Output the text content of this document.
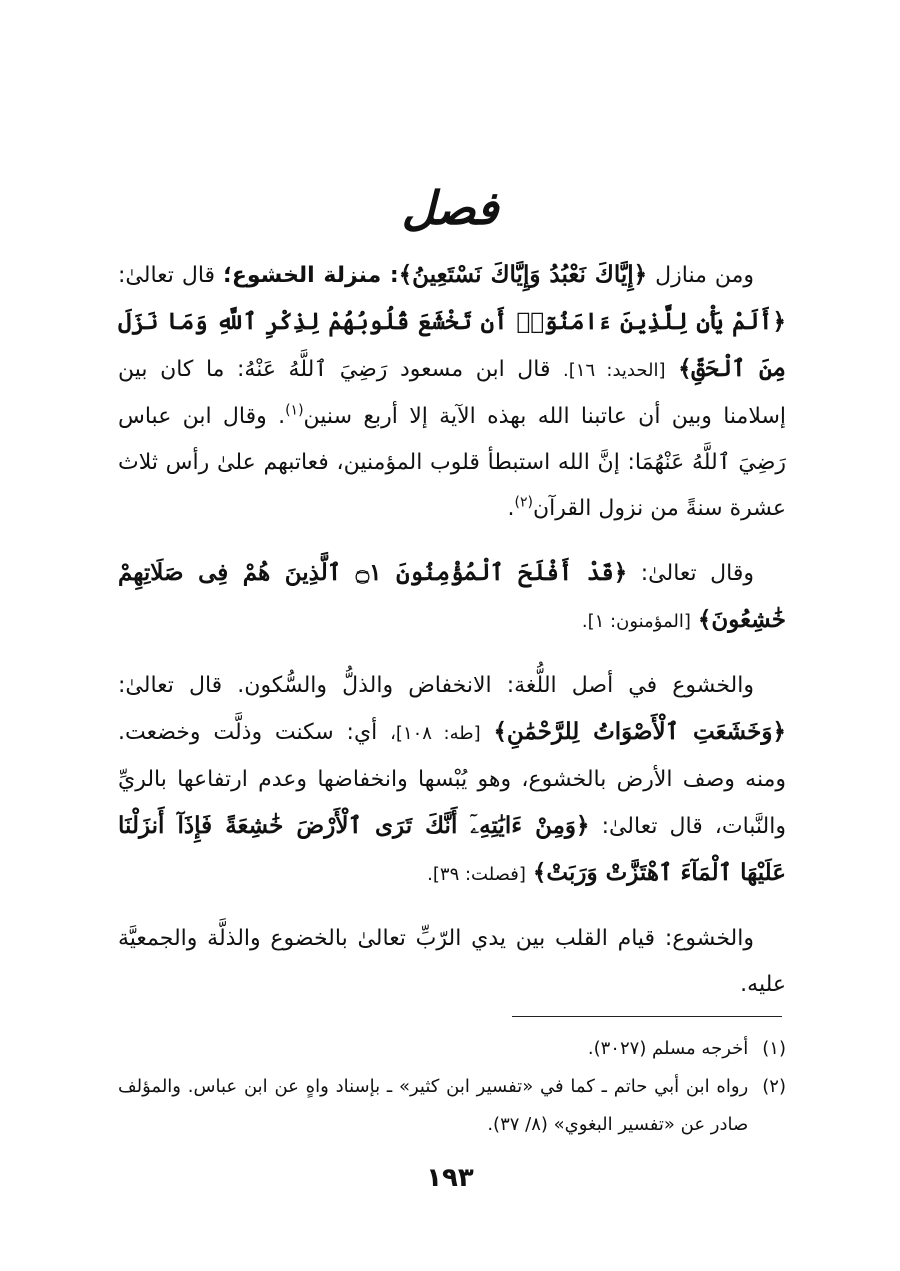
فصل

ومن منازل ﴿إِيَّاكَ نَعْبُدُ وَإِيَّاكَ نَسْتَعِينُ﴾: منزلة الخشوع؛ قال تعالىٰ: ﴿أَلَمْ يَأْنِ لِلَّذِينَ ءَامَنُوٓا۟ أَن تَخْشَعَ قُلُوبُهُمْ لِذِكْرِ ٱللَّهِ وَمَا نَزَلَ مِنَ ٱلْحَقِّ﴾ [الحديد: ١٦]. قال ابن مسعود رَضِيَ ٱللَّهُ عَنْهُ: ما كان بين إسلامنا وبين أن عاتبنا الله بهذه الآية إلا أربع سنين$^{(١)}$. وقال ابن عباس رَضِيَ ٱللَّهُ عَنْهُمَا: إنَّ الله استبطأ قلوب المؤمنين، فعاتبهم علىٰ رأس ثلاث عشرة سنةً من نزول القرآن$^{(٢)}$.

وقال تعالىٰ: ﴿قَدْ أَفْلَحَ ٱلْمُؤْمِنُونَ ۝١ ٱلَّذِينَ هُمْ فِى صَلَاتِهِمْ خَٰشِعُونَ﴾ [المؤمنون: ١].

والخشوع في أصل اللُّغة: الانخفاض والذلُّ والسُّكون. قال تعالىٰ: ﴿وَخَشَعَتِ ٱلْأَصْوَاتُ لِلرَّحْمَٰنِ﴾ [طه: ١٠٨]، أي: سكنت وذلَّت وخضعت. ومنه وصف الأرض بالخشوع، وهو يُبْسها وانخفاضها وعدم ارتفاعها بالريِّ والنَّبات، قال تعالىٰ: ﴿وَمِنْ ءَايَٰتِهِۦٓ أَنَّكَ تَرَى ٱلْأَرْضَ خَٰشِعَةً فَإِذَآ أَنزَلْنَا عَلَيْهَا ٱلْمَآءَ ٱهْتَزَّتْ وَرَبَتْ﴾ [فصلت: ٣٩].

والخشوع: قيام القلب بين يدي الرّبِّ تعالىٰ بالخضوع والذلَّة والجمعيَّة عليه.

(١)
أخرجه مسلم (٣٠٢٧).
(٢)
رواه ابن أبي حاتم ـ كما في «تفسير ابن كثير» ـ بإسناد واهٍ عن ابن عباس. والمؤلف صادر عن «تفسير البغوي» (٨/ ٣٧).
١٩٣
